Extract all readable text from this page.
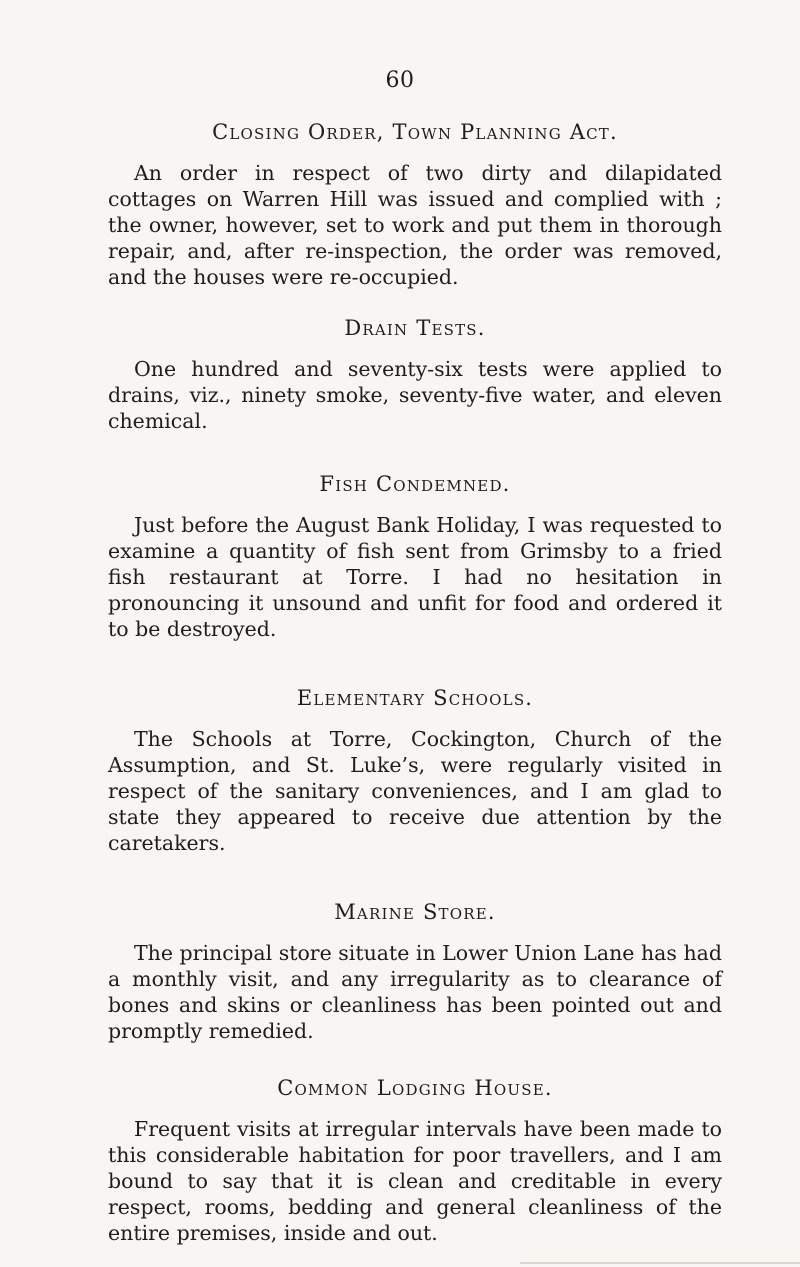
60
Closing Order, Town Planning Act.

An order in respect of two dirty and dilapidated cottages on Warren Hill was issued and complied with ; the owner, however, set to work and put them in thorough repair, and, after re-inspection, the order was removed, and the houses were re-occupied.

Drain Tests.

One hundred and seventy-six tests were applied to drains, viz., ninety smoke, seventy-five water, and eleven chemical.

Fish Condemned.

Just before the August Bank Holiday, I was requested to examine a quantity of fish sent from Grimsby to a fried fish restaurant at Torre. I had no hesitation in pronouncing it unsound and unfit for food and ordered it to be destroyed.

Elementary Schools.

The Schools at Torre, Cockington, Church of the Assumption, and St. Luke’s, were regularly visited in respect of the sanitary conveniences, and I am glad to state they appeared to receive due attention by the caretakers.

Marine Store.

The principal store situate in Lower Union Lane has had a monthly visit, and any irregularity as to clearance of bones and skins or cleanliness has been pointed out and promptly remedied.

Common Lodging House.

Frequent visits at irregular intervals have been made to this considerable habitation for poor travellers, and I am bound to say that it is clean and creditable in every respect, rooms, bedding and general cleanliness of the entire premises, inside and out.
